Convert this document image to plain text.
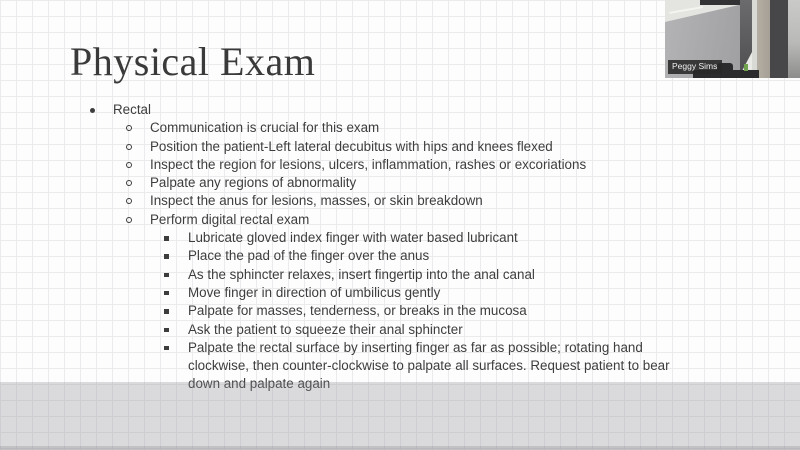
Physical Exam
Rectal
Communication is crucial for this exam
Position the patient-Left lateral decubitus with hips and knees flexed
Inspect the region for lesions, ulcers, inflammation, rashes or excoriations
Palpate any regions of abnormality
Inspect the anus for lesions, masses, or skin breakdown
Perform digital rectal exam
Lubricate gloved index finger with water based lubricant
Place the pad of the finger over the anus
As the sphincter relaxes, insert fingertip into the anal canal
Move finger in direction of umbilicus gently
Palpate for masses, tenderness, or breaks in the mucosa
Ask the patient to squeeze their anal sphincter
Palpate the rectal surface by inserting finger as far as possible; rotating hand clockwise, then counter-clockwise to palpate all surfaces. Request patient to bear down and palpate again
Peggy Sims
